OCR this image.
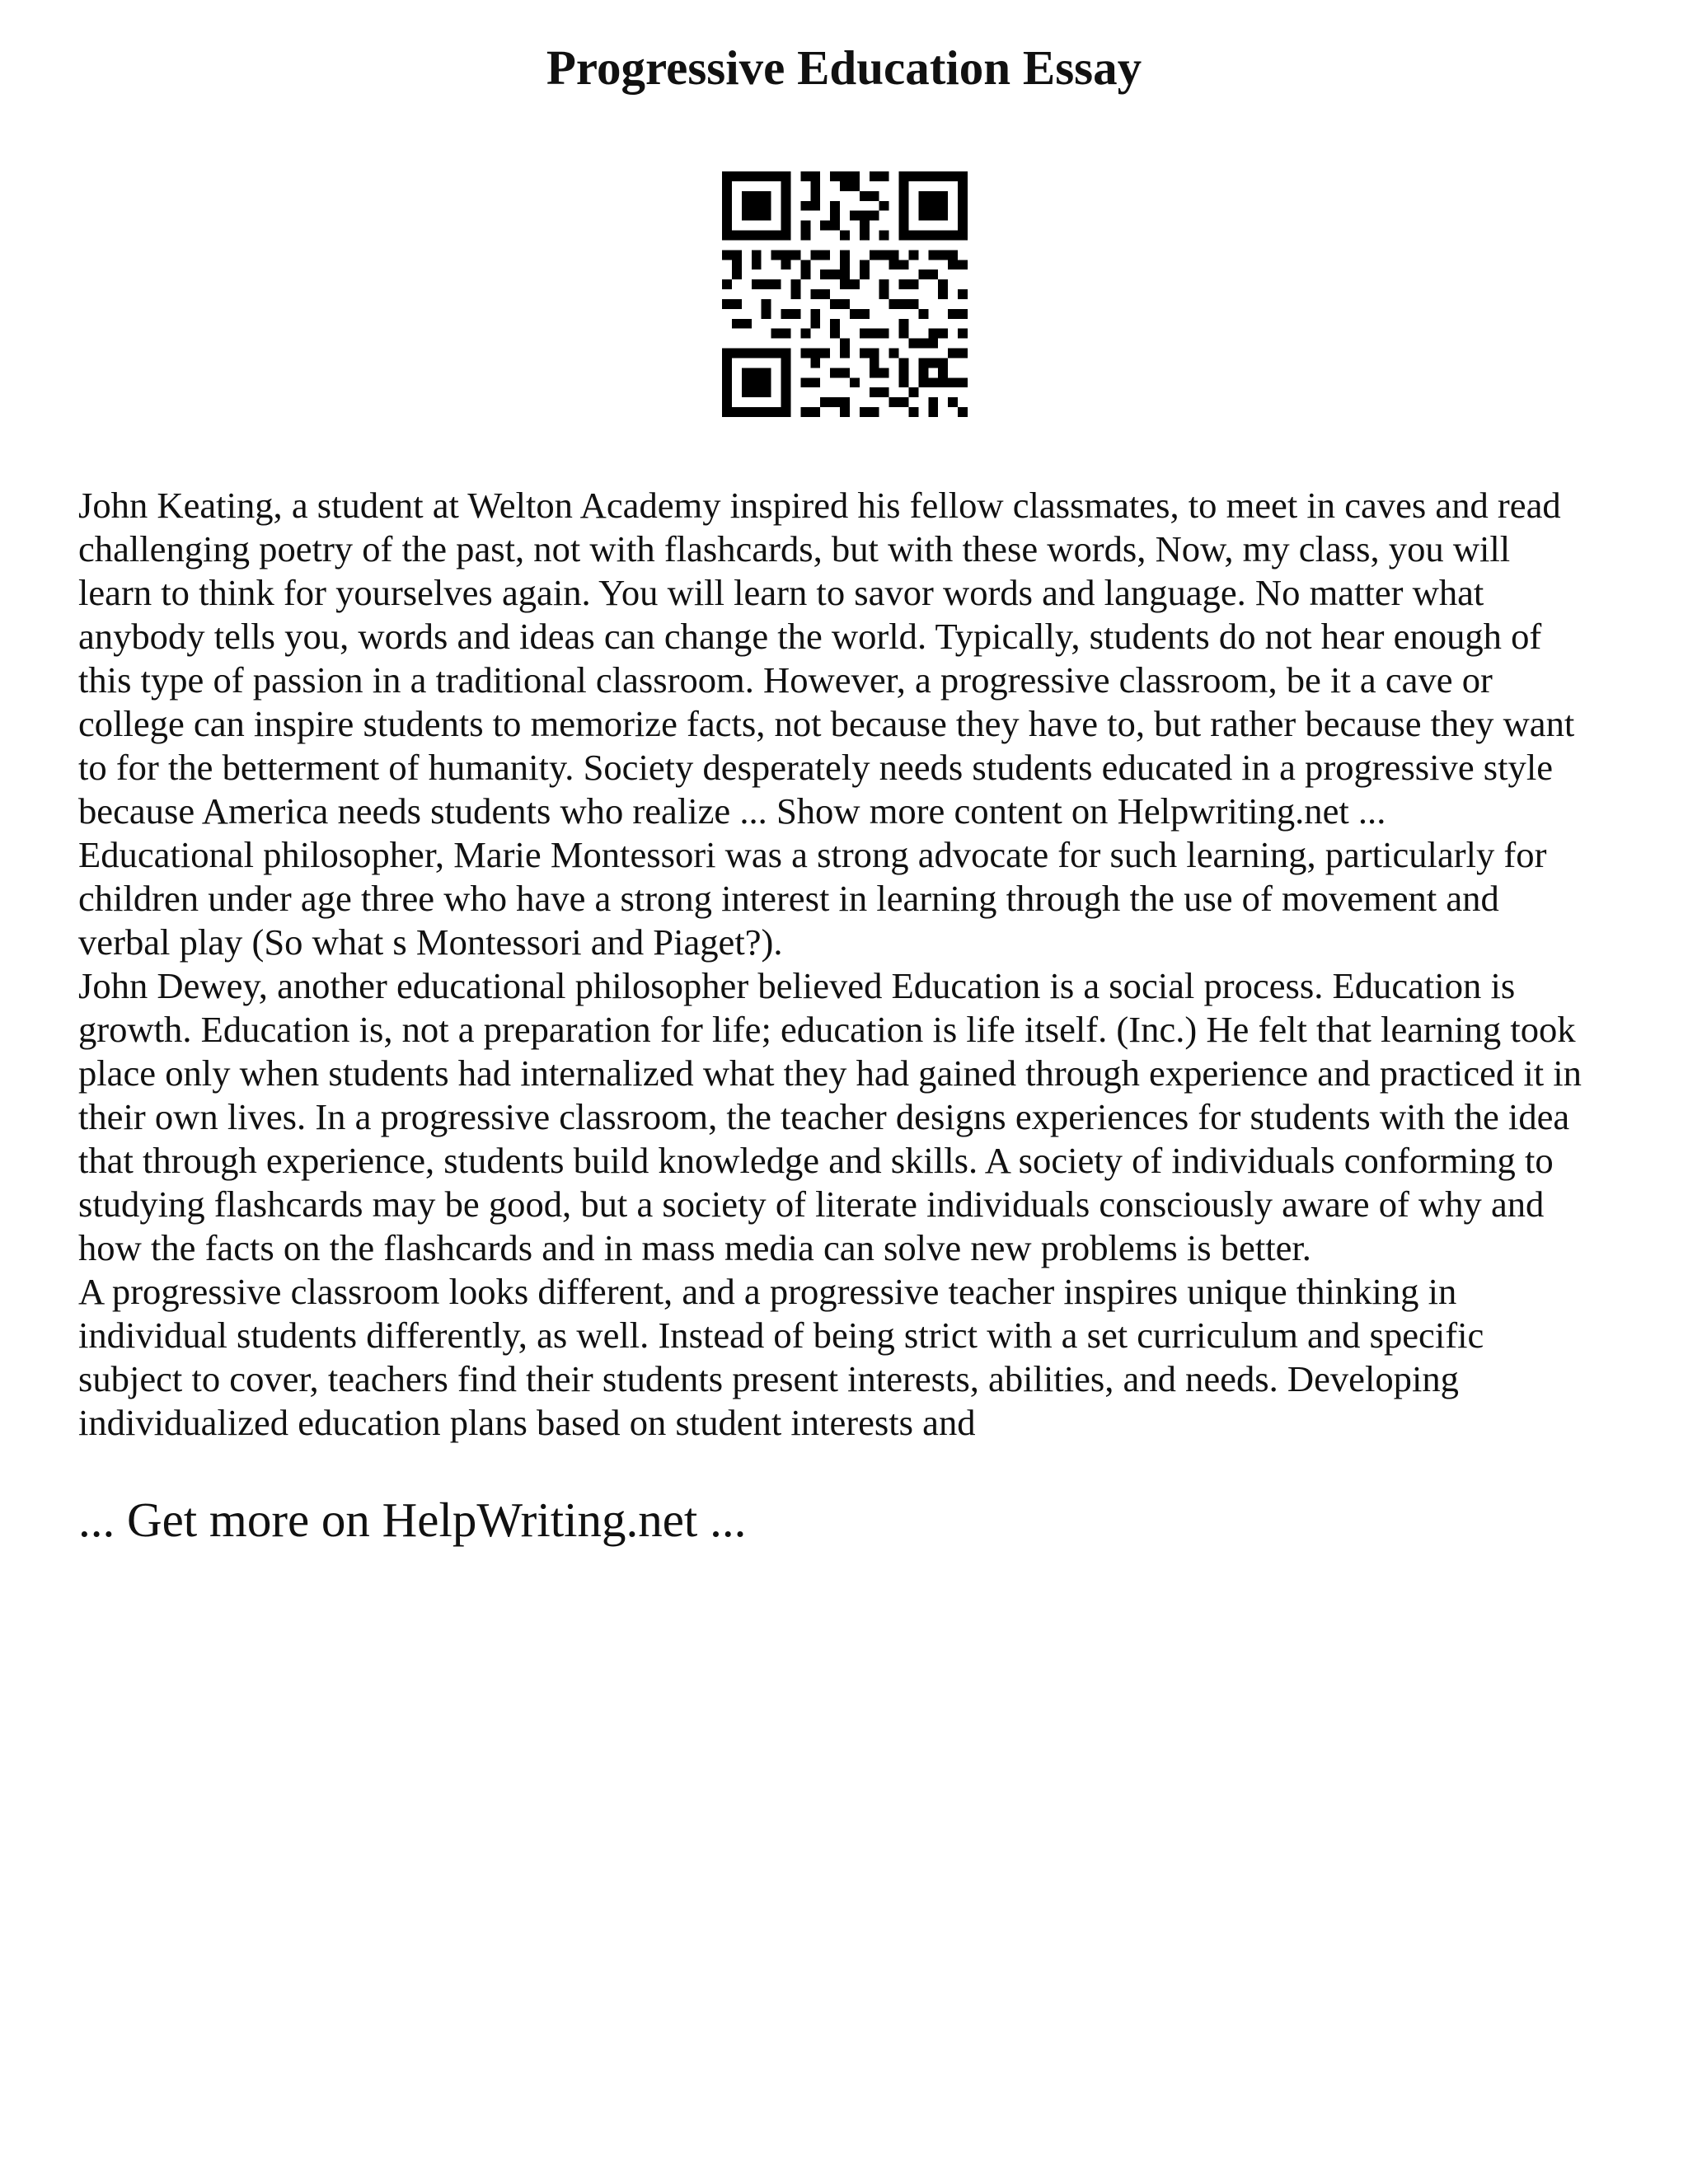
Progressive Education Essay
John Keating, a student at Welton Academy inspired his fellow classmates, to meet in caves and read
challenging poetry of the past, not with flashcards, but with these words, Now, my class, you will
learn to think for yourselves again. You will learn to savor words and language. No matter what
anybody tells you, words and ideas can change the world. Typically, students do not hear enough of
this type of passion in a traditional classroom. However, a progressive classroom, be it a cave or
college can inspire students to memorize facts, not because they have to, but rather because they want
to for the betterment of humanity. Society desperately needs students educated in a progressive style
because America needs students who realize ... Show more content on Helpwriting.net ...
Educational philosopher, Marie Montessori was a strong advocate for such learning, particularly for
children under age three who have a strong interest in learning through the use of movement and
verbal play (So what s Montessori and Piaget?).
John Dewey, another educational philosopher believed Education is a social process. Education is
growth. Education is, not a preparation for life; education is life itself. (Inc.) He felt that learning took
place only when students had internalized what they had gained through experience and practiced it in
their own lives. In a progressive classroom, the teacher designs experiences for students with the idea
that through experience, students build knowledge and skills. A society of individuals conforming to
studying flashcards may be good, but a society of literate individuals consciously aware of why and
how the facts on the flashcards and in mass media can solve new problems is better.
A progressive classroom looks different, and a progressive teacher inspires unique thinking in
individual students differently, as well. Instead of being strict with a set curriculum and specific
subject to cover, teachers find their students present interests, abilities, and needs. Developing
individualized education plans based on student interests and
... Get more on HelpWriting.net ...
